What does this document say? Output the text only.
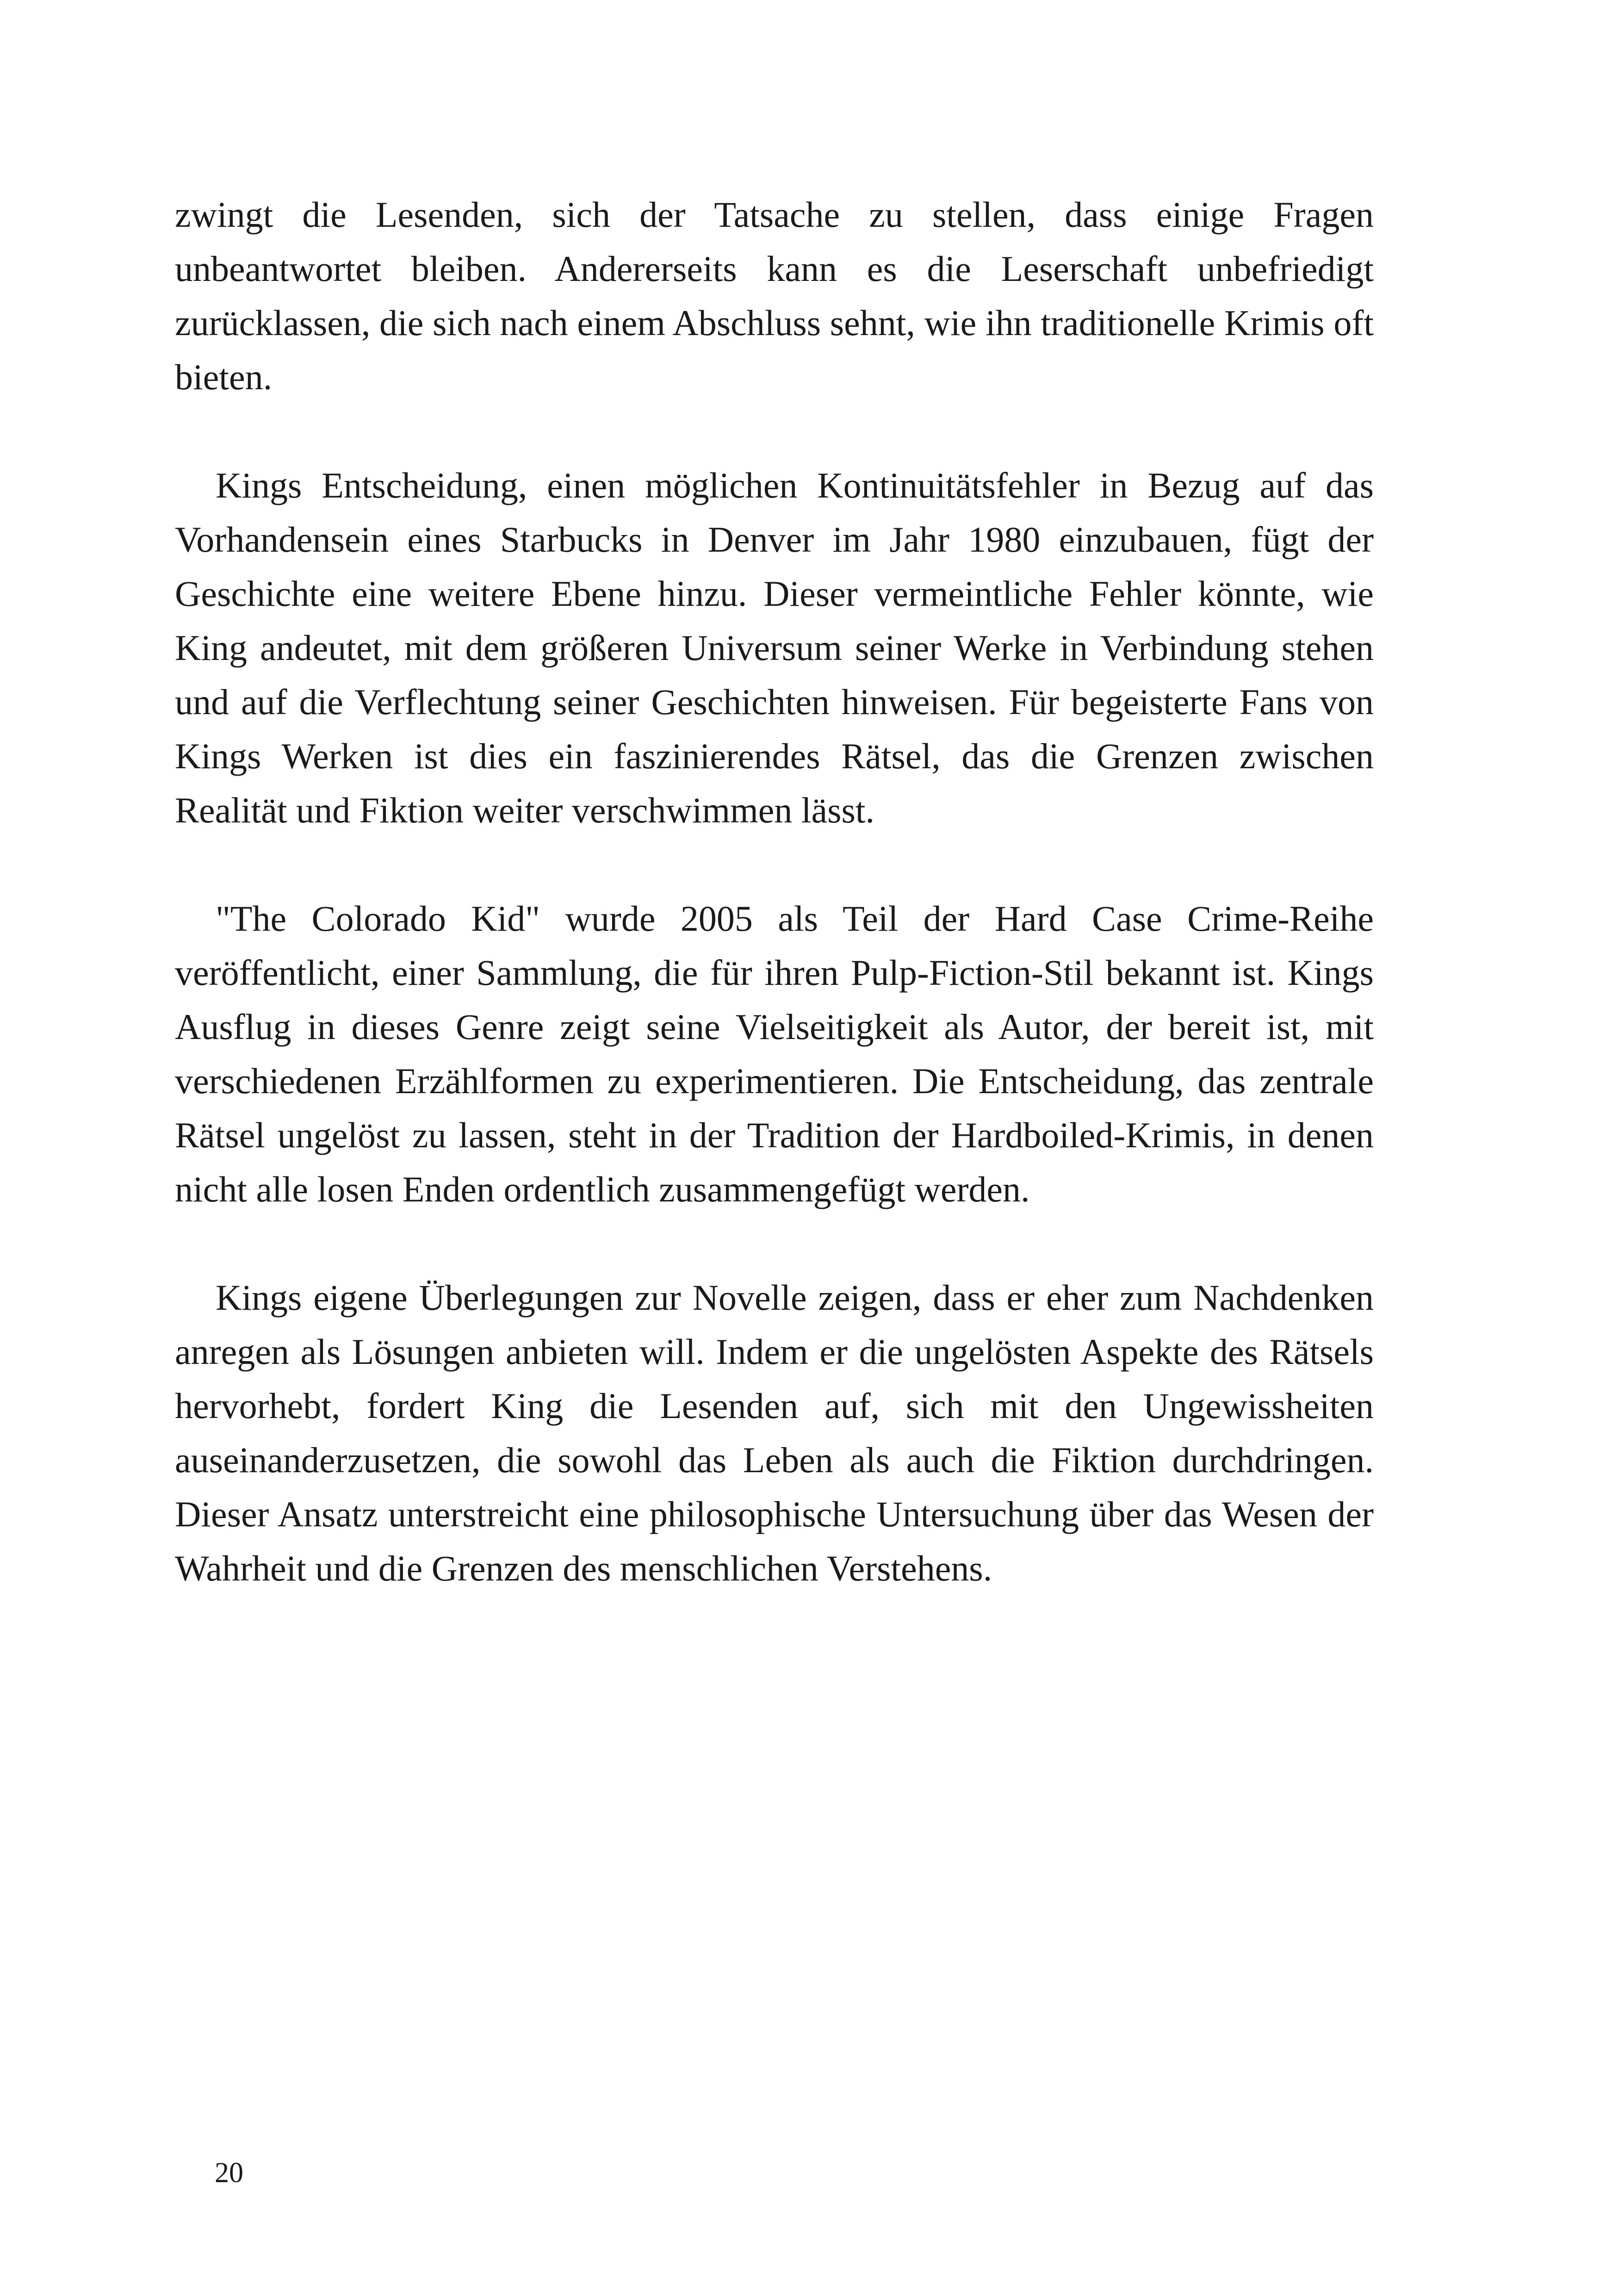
zwingt die Lesenden, sich der Tatsache zu stellen, dass einige Fragen unbeantwortet bleiben. Andererseits kann es die Leserschaft unbefriedigt zurücklassen, die sich nach einem Abschluss sehnt, wie ihn traditionelle Krimis oft bieten.

Kings Entscheidung, einen möglichen Kontinuitätsfehler in Bezug auf das Vorhandensein eines Starbucks in Denver im Jahr 1980 einzubauen, fügt der Geschichte eine weitere Ebene hinzu. Dieser vermeintliche Fehler könnte, wie King andeutet, mit dem größeren Universum seiner Werke in Verbindung stehen und auf die Verflechtung seiner Geschichten hinweisen. Für begeisterte Fans von Kings Werken ist dies ein faszinierendes Rätsel, das die Grenzen zwischen Realität und Fiktion weiter verschwimmen lässt.

"The Colorado Kid" wurde 2005 als Teil der Hard Case Crime-Reihe veröffentlicht, einer Sammlung, die für ihren Pulp-Fiction-Stil bekannt ist. Kings Ausflug in dieses Genre zeigt seine Vielseitigkeit als Autor, der bereit ist, mit verschiedenen Erzählformen zu experimentieren. Die Entscheidung, das zentrale Rätsel ungelöst zu lassen, steht in der Tradition der Hardboiled-Krimis, in denen nicht alle losen Enden ordentlich zusammengefügt werden.

Kings eigene Überlegungen zur Novelle zeigen, dass er eher zum Nachdenken anregen als Lösungen anbieten will. Indem er die ungelösten Aspekte des Rätsels hervorhebt, fordert King die Lesenden auf, sich mit den Ungewissheiten auseinanderzusetzen, die sowohl das Leben als auch die Fiktion durchdringen. Dieser Ansatz unterstreicht eine philosophische Untersuchung über das Wesen der Wahrheit und die Grenzen des menschlichen Verstehens.

20
